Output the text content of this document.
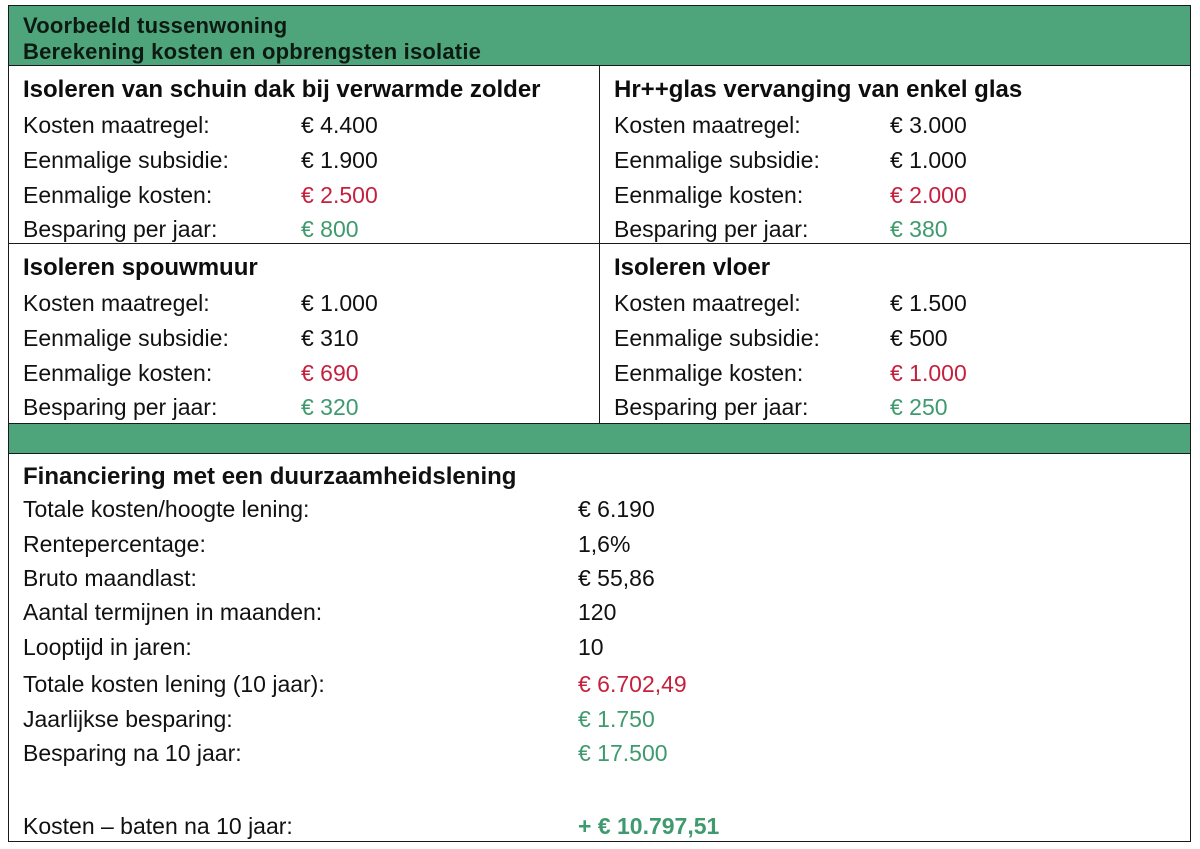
Voorbeeld tussenwoning
Berekening kosten en opbrengsten isolatie
Isoleren van schuin dak bij verwarmde zolder
Kosten maatregel:	€ 4.400
Eenmalige subsidie:	€ 1.900
Eenmalige kosten:	€ 2.500
Besparing per jaar:	€ 800
Hr++glas vervanging van enkel glas
Kosten maatregel:	€ 3.000
Eenmalige subsidie:	€ 1.000
Eenmalige kosten:	€ 2.000
Besparing per jaar:	€ 380
Isoleren spouwmuur
Kosten maatregel:	€ 1.000
Eenmalige subsidie:	€ 310
Eenmalige kosten:	€ 690
Besparing per jaar:	€ 320
Isoleren vloer
Kosten maatregel:	€ 1.500
Eenmalige subsidie:	€ 500
Eenmalige kosten:	€ 1.000
Besparing per jaar:	€ 250
Financiering met een duurzaamheidslening
Totale kosten/hoogte lening:	€ 6.190
Rentepercentage:	1,6%
Bruto maandlast:	€ 55,86
Aantal termijnen in maanden:	120
Looptijd in jaren:	10
Totale kosten lening (10 jaar):	€ 6.702,49
Jaarlijkse besparing:	€ 1.750
Besparing na 10 jaar:	€ 17.500
Kosten – baten na 10 jaar:	+ € 10.797,51
